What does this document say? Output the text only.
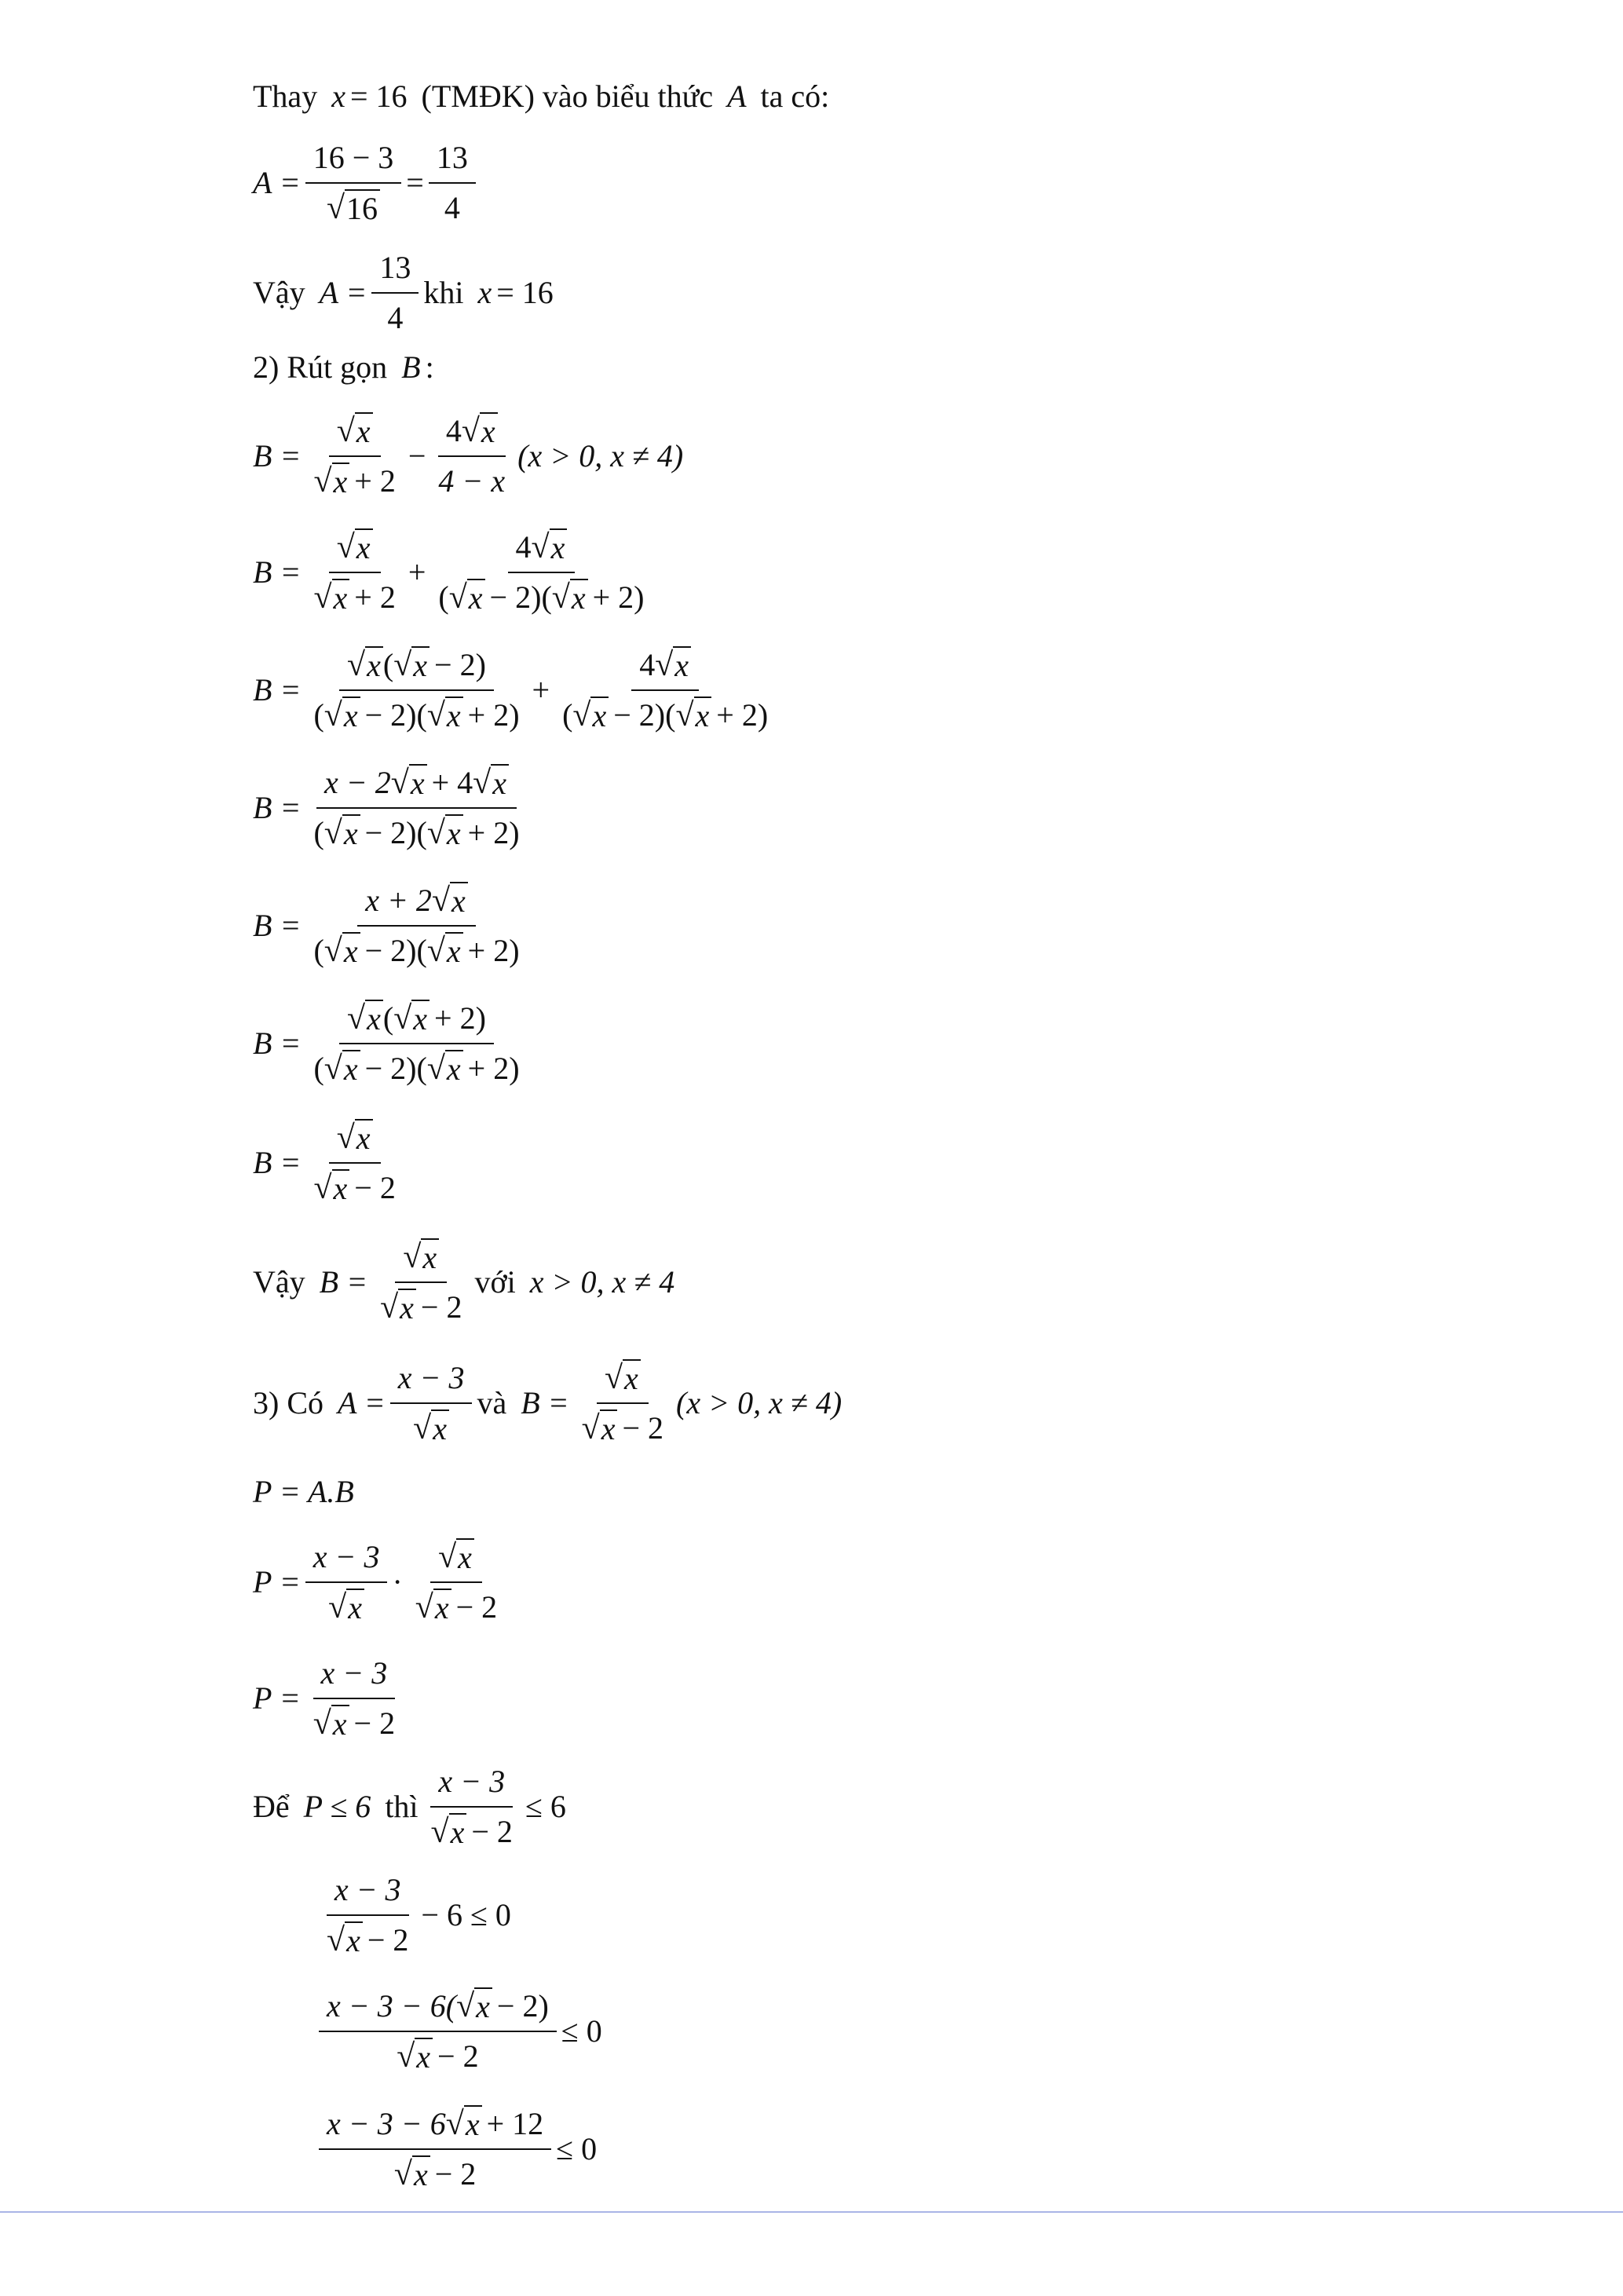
Thay x = 16 (TMĐK) vào biểu thức A ta có:
$A = \frac{16 - 3}{√ 16} = \frac{13}{4}$
Vậy $A = \frac{13}{4}$ khi x = 16
2) Rút gọn B :
$B = \frac{√ x}{√ x + 2} - \frac{4 √ x}{4 - x} (x > 0$, x ≠ 4)
$B = \frac{√ x}{√ x + 2} + \frac{4 √ x}{( √ x - 2)( √ x + 2)}$
$B = \frac{√ x ( √ x - 2)}{( √ x - 2)( √ x + 2)} + \frac{4 √ x}{( √ x - 2)( √ x + 2)}$
$B = \frac{x - 2 √ x + 4 √ x}{( √ x - 2)( √ x + 2)}$
$B = \frac{x + 2 √ x}{( √ x - 2)( √ x + 2)}$
$B = \frac{√ x ( √ x + 2)}{( √ x - 2)( √ x + 2)}$
$B = \frac{√ x}{√ x - 2}$
Vậy $B = \frac{√ x}{√ x - 2}$ với x > 0, x ≠ 4
3) Có $A = \frac{x - 3}{√ x}$ và $B = \frac{√ x}{√ x - 2} (x > 0$, x ≠ 4)
P = A.B
$P = \frac{x - 3}{√ x} \cdot \frac{√ x}{√ x - 2}$
$P = \frac{x - 3}{√ x - 2}$
Để P ≤ 6 thì $\frac{x - 3}{√ x - 2} \le 6$
$\frac{x - 3}{√ x - 2} - 6 \le 0$
$\frac{x - 3 - 6( √ x - 2)}{√ x - 2} \le 0$
$\frac{x - 3 - 6 √ x + 12}{√ x - 2} \le 0$
